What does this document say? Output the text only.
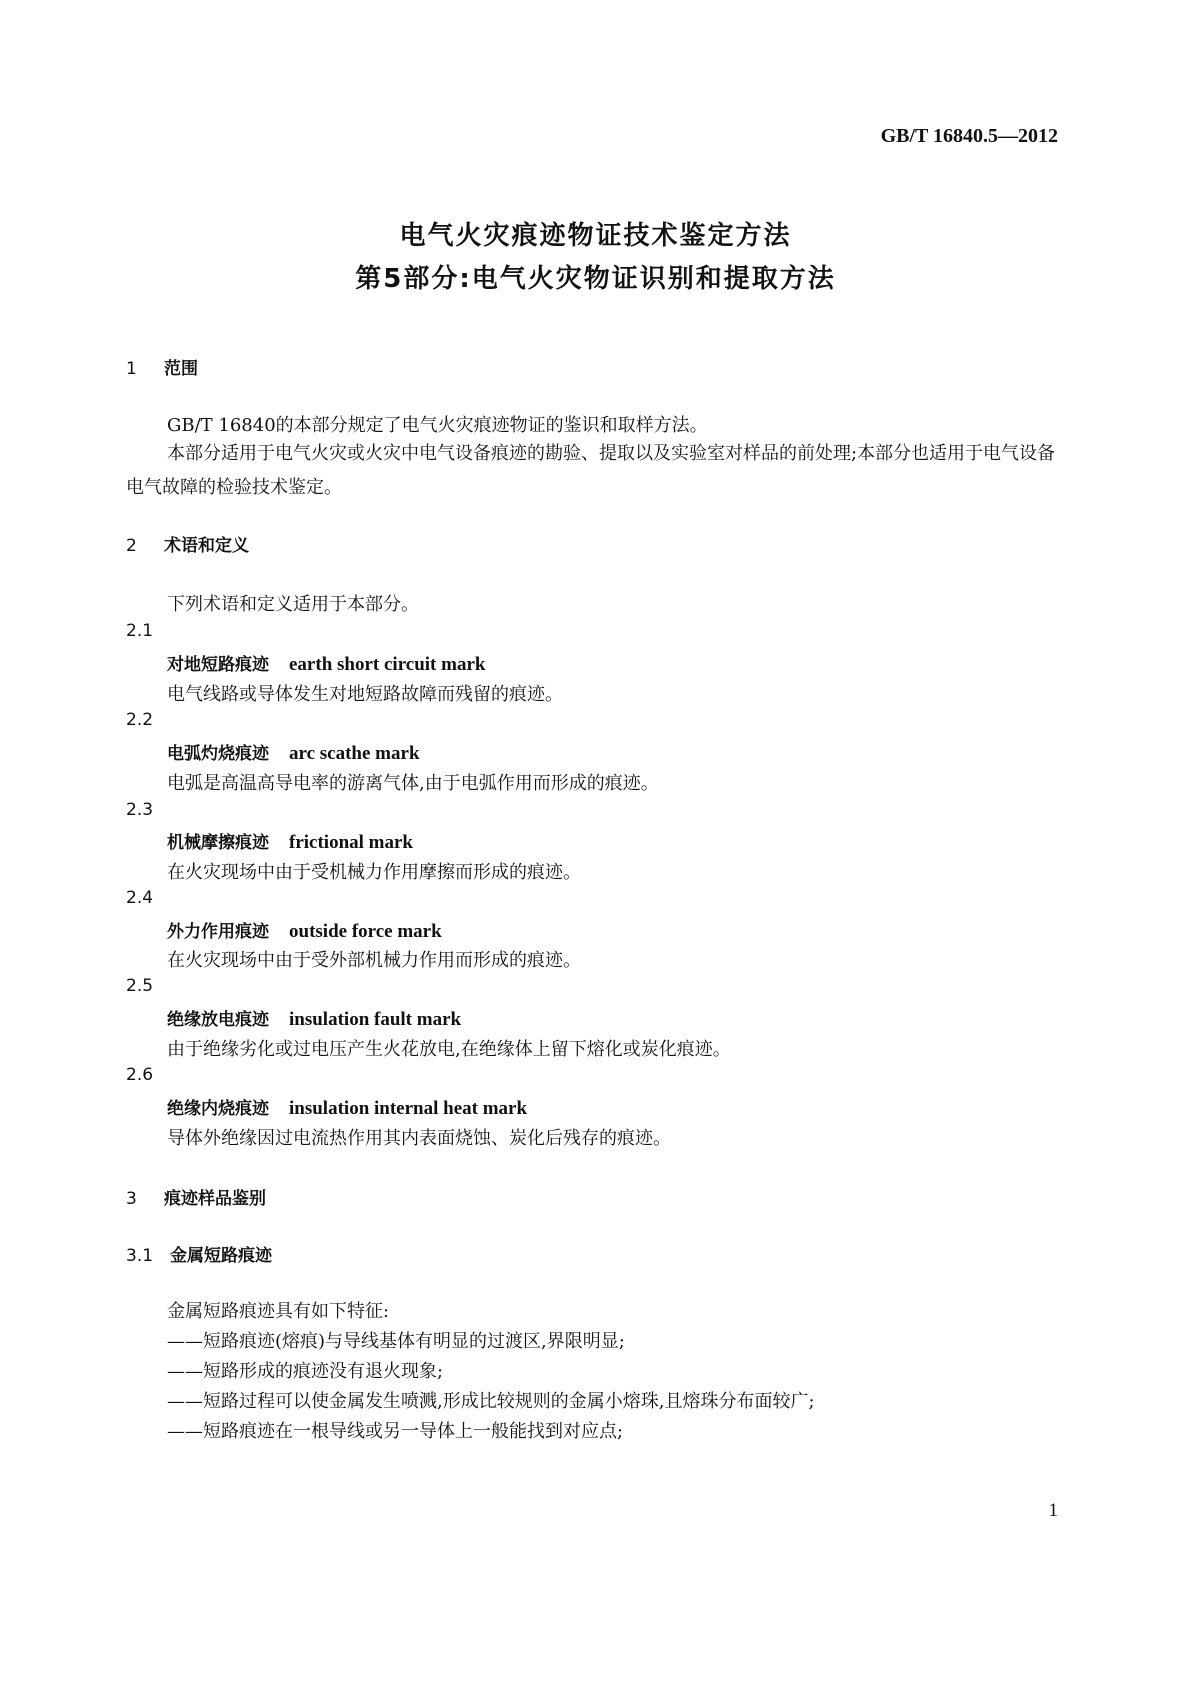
GB/T 16840.5—2012
电气火灾痕迹物证技术鉴定方法
第5部分:电气火灾物证识别和提取方法
1 范围
GB/T 16840的本部分规定了电气火灾痕迹物证的鉴识和取样方法。
本部分适用于电气火灾或火灾中电气设备痕迹的勘验、提取以及实验室对样品的前处理;本部分也适用于电气设备电气故障的检验技术鉴定。
2 术语和定义
下列术语和定义适用于本部分。
2.1
对地短路痕迹 earth short circuit mark
电气线路或导体发生对地短路故障而残留的痕迹。
2.2
电弧灼烧痕迹 arc scathe mark
电弧是高温高导电率的游离气体,由于电弧作用而形成的痕迹。
2.3
机械摩擦痕迹 frictional mark
在火灾现场中由于受机械力作用摩擦而形成的痕迹。
2.4
外力作用痕迹 outside force mark
在火灾现场中由于受外部机械力作用而形成的痕迹。
2.5
绝缘放电痕迹 insulation fault mark
由于绝缘劣化或过电压产生火花放电,在绝缘体上留下熔化或炭化痕迹。
2.6
绝缘内烧痕迹 insulation internal heat mark
导体外绝缘因过电流热作用其内表面烧蚀、炭化后残存的痕迹。
3 痕迹样品鉴别
3.1 金属短路痕迹
金属短路痕迹具有如下特征:
——短路痕迹(熔痕)与导线基体有明显的过渡区,界限明显;
——短路形成的痕迹没有退火现象;
——短路过程可以使金属发生喷溅,形成比较规则的金属小熔珠,且熔珠分布面较广;
——短路痕迹在一根导线或另一导体上一般能找到对应点;
1
